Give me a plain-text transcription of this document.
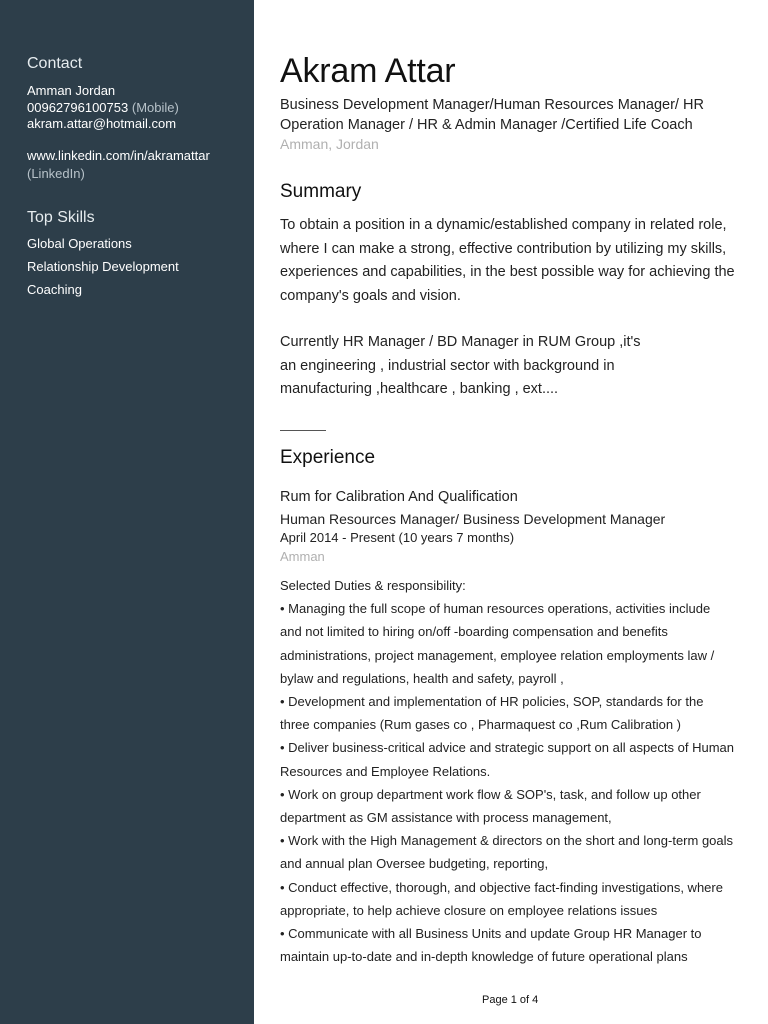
Contact
Amman Jordan
00962796100753 (Mobile)
akram.attar@hotmail.com
www.linkedin.com/in/akramattar
(LinkedIn)
Top Skills
Global Operations
Relationship Development
Coaching
Akram Attar
Business Development Manager/Human Resources Manager/ HR Operation Manager / HR & Admin Manager /Certified Life Coach
Amman, Jordan
Summary
To obtain a position in a dynamic/established company in related role, where I can make a strong, effective contribution by utilizing my skills, experiences and capabilities, in the best possible way for achieving the company's goals and vision.
Currently HR Manager / BD Manager in RUM Group ,it's
an engineering , industrial sector with background in
manufacturing ,healthcare , banking , ext....
Experience
Rum for Calibration And Qualification
Human Resources Manager/ Business Development Manager
April 2014 - Present (10 years 7 months)
Amman
Selected Duties & responsibility:
• Managing the full scope of human resources operations, activities include
and not limited to hiring on/off -boarding compensation and benefits
administrations, project management, employee relation employments law /
bylaw and regulations, health and safety, payroll ,
• Development and implementation of HR policies, SOP, standards for the
three companies (Rum gases co , Pharmaquest co ,Rum Calibration )
• Deliver business-critical advice and strategic support on all aspects of Human
Resources and Employee Relations.
• Work on group department work flow & SOP's, task, and follow up other
department as GM assistance with process management,
• Work with the High Management & directors on the short and long-term goals
and annual plan Oversee budgeting, reporting,
• Conduct effective, thorough, and objective fact-finding investigations, where
appropriate, to help achieve closure on employee relations issues
• Communicate with all Business Units and update Group HR Manager to
maintain up-to-date and in-depth knowledge of future operational plans
Page 1 of 4
